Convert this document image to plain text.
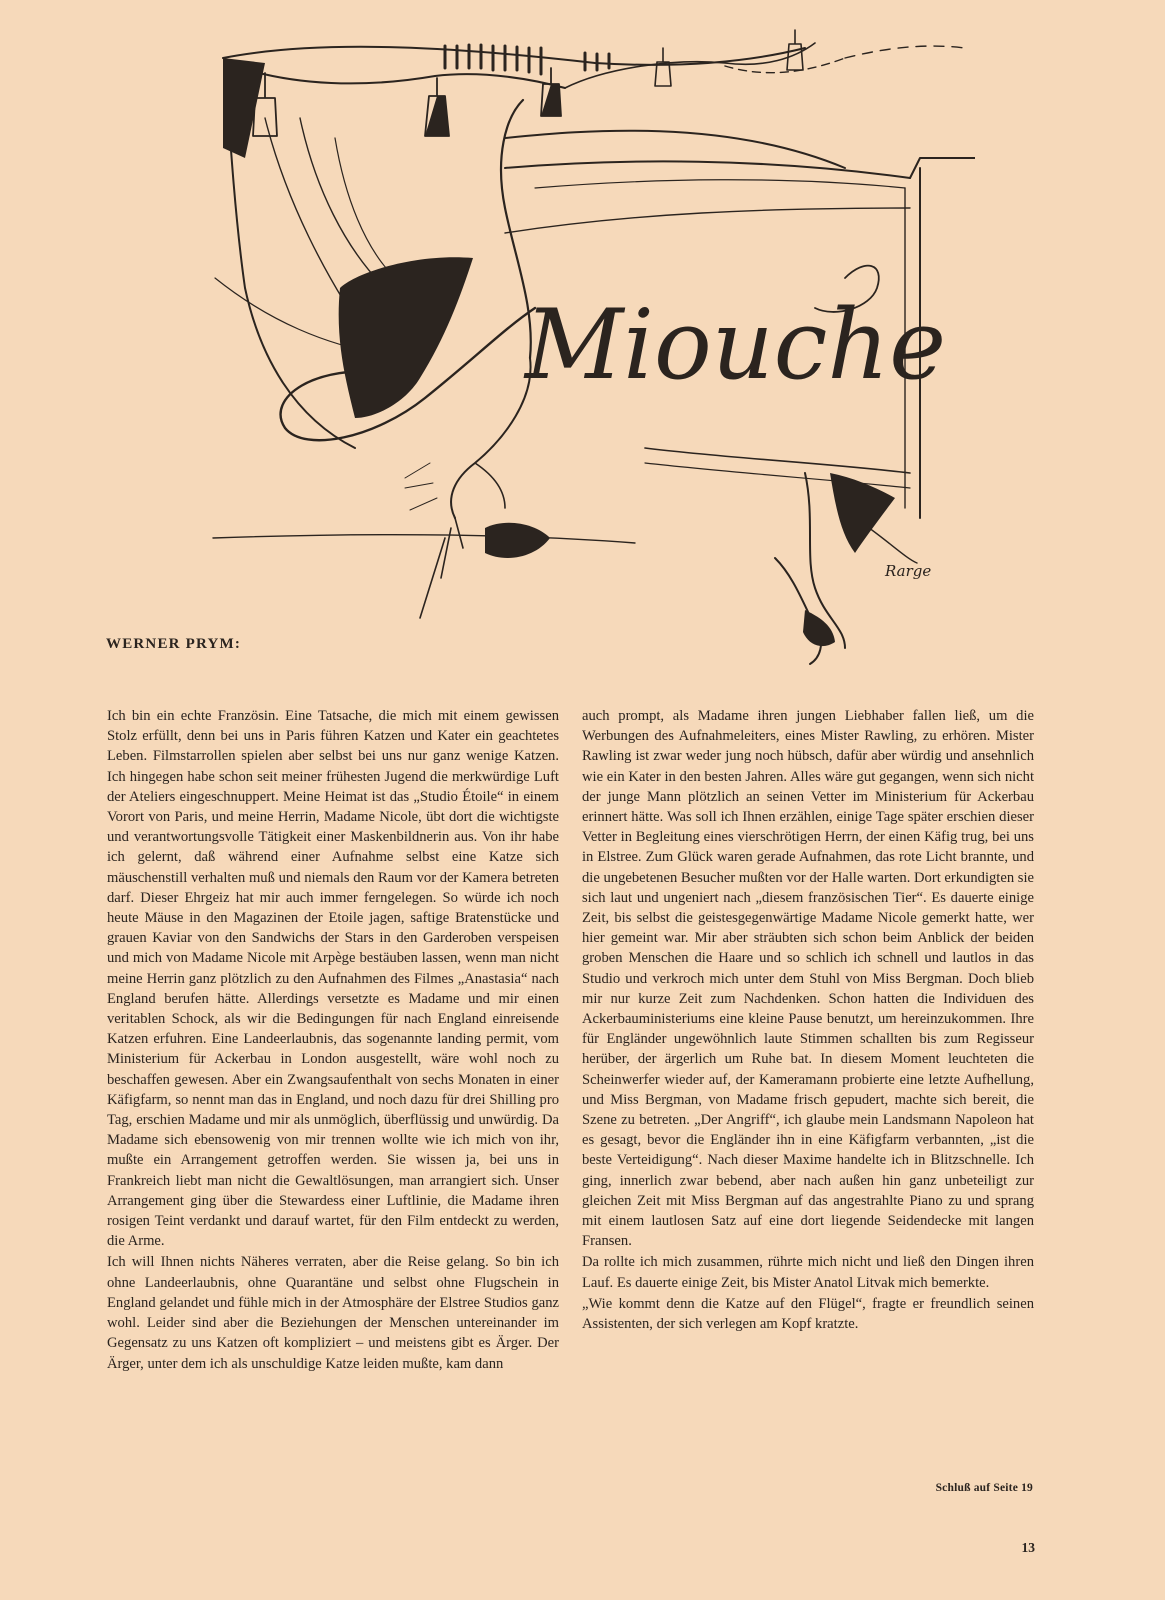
Miouche
Rarge
WERNER PRYM:

Ich bin ein echte Französin. Eine Tatsache, die mich mit einem gewissen Stolz erfüllt, denn bei uns in Paris führen Katzen und Kater ein geachtetes Leben. Filmstarrollen spielen aber selbst bei uns nur ganz wenige Katzen. Ich hingegen habe schon seit meiner frühesten Jugend die merkwürdige Luft der Ateliers eingeschnuppert. Meine Heimat ist das „Studio Étoile“ in einem Vorort von Paris, und meine Herrin, Madame Nicole, übt dort die wichtigste und verantwortungsvolle Tätigkeit einer Maskenbildnerin aus. Von ihr habe ich gelernt, daß während einer Aufnahme selbst eine Katze sich mäuschenstill verhalten muß und niemals den Raum vor der Kamera betreten darf. Dieser Ehrgeiz hat mir auch immer ferngelegen. So würde ich noch heute Mäuse in den Magazinen der Etoile jagen, saftige Bratenstücke und grauen Kaviar von den Sandwichs der Stars in den Garderoben verspeisen und mich von Madame Nicole mit Arpège bestäuben lassen, wenn man nicht meine Herrin ganz plötzlich zu den Aufnahmen des Filmes „Anastasia“ nach England berufen hätte. Allerdings versetzte es Madame und mir einen veritablen Schock, als wir die Bedingungen für nach England einreisende Katzen erfuhren. Eine Landeerlaubnis, das sogenannte landing permit, vom Ministerium für Ackerbau in London ausgestellt, wäre wohl noch zu beschaffen gewesen. Aber ein Zwangsaufenthalt von sechs Monaten in einer Käfigfarm, so nennt man das in England, und noch dazu für drei Shilling pro Tag, erschien Madame und mir als unmöglich, überflüssig und unwürdig. Da Madame sich ebensowenig von mir trennen wollte wie ich mich von ihr, mußte ein Arrangement getroffen werden. Sie wissen ja, bei uns in Frankreich liebt man nicht die Gewaltlösungen, man arrangiert sich. Unser Arrangement ging über die Stewardess einer Luftlinie, die Madame ihren rosigen Teint verdankt und darauf wartet, für den Film entdeckt zu werden, die Arme.

Ich will Ihnen nichts Näheres verraten, aber die Reise gelang. So bin ich ohne Landeerlaubnis, ohne Quarantäne und selbst ohne Flugschein in England gelandet und fühle mich in der Atmosphäre der Elstree Studios ganz wohl. Leider sind aber die Beziehungen der Menschen untereinander im Gegensatz zu uns Katzen oft kompliziert – und meistens gibt es Ärger. Der Ärger, unter dem ich als unschuldige Katze leiden mußte, kam dann

auch prompt, als Madame ihren jungen Liebhaber fallen ließ, um die Werbungen des Aufnahmeleiters, eines Mister Rawling, zu erhören. Mister Rawling ist zwar weder jung noch hübsch, dafür aber würdig und ansehnlich wie ein Kater in den besten Jahren. Alles wäre gut gegangen, wenn sich nicht der junge Mann plötzlich an seinen Vetter im Ministerium für Ackerbau erinnert hätte. Was soll ich Ihnen erzählen, einige Tage später erschien dieser Vetter in Begleitung eines vierschrötigen Herrn, der einen Käfig trug, bei uns in Elstree. Zum Glück waren gerade Aufnahmen, das rote Licht brannte, und die ungebetenen Besucher mußten vor der Halle warten. Dort erkundigten sie sich laut und ungeniert nach „diesem französischen Tier“. Es dauerte einige Zeit, bis selbst die geistesgegenwärtige Madame Nicole gemerkt hatte, wer hier gemeint war. Mir aber sträubten sich schon beim Anblick der beiden groben Menschen die Haare und so schlich ich schnell und lautlos in das Studio und verkroch mich unter dem Stuhl von Miss Bergman. Doch blieb mir nur kurze Zeit zum Nachdenken. Schon hatten die Individuen des Ackerbauministeriums eine kleine Pause benutzt, um hereinzukommen. Ihre für Engländer ungewöhnlich laute Stimmen schallten bis zum Regisseur herüber, der ärgerlich um Ruhe bat. In diesem Moment leuchteten die Scheinwerfer wieder auf, der Kameramann probierte eine letzte Aufhellung, und Miss Bergman, von Madame frisch gepudert, machte sich bereit, die Szene zu betreten. „Der Angriff“, ich glaube mein Landsmann Napoleon hat es gesagt, bevor die Engländer ihn in eine Käfigfarm verbannten, „ist die beste Verteidigung“. Nach dieser Maxime handelte ich in Blitzschnelle. Ich ging, innerlich zwar bebend, aber nach außen hin ganz unbeteiligt zur gleichen Zeit mit Miss Bergman auf das angestrahlte Piano zu und sprang mit einem lautlosen Satz auf eine dort liegende Seidendecke mit langen Fransen.

Da rollte ich mich zusammen, rührte mich nicht und ließ den Dingen ihren Lauf. Es dauerte einige Zeit, bis Mister Anatol Litvak mich bemerkte.

„Wie kommt denn die Katze auf den Flügel“, fragte er freundlich seinen Assistenten, der sich verlegen am Kopf kratzte.

Schluß auf Seite 19
13
